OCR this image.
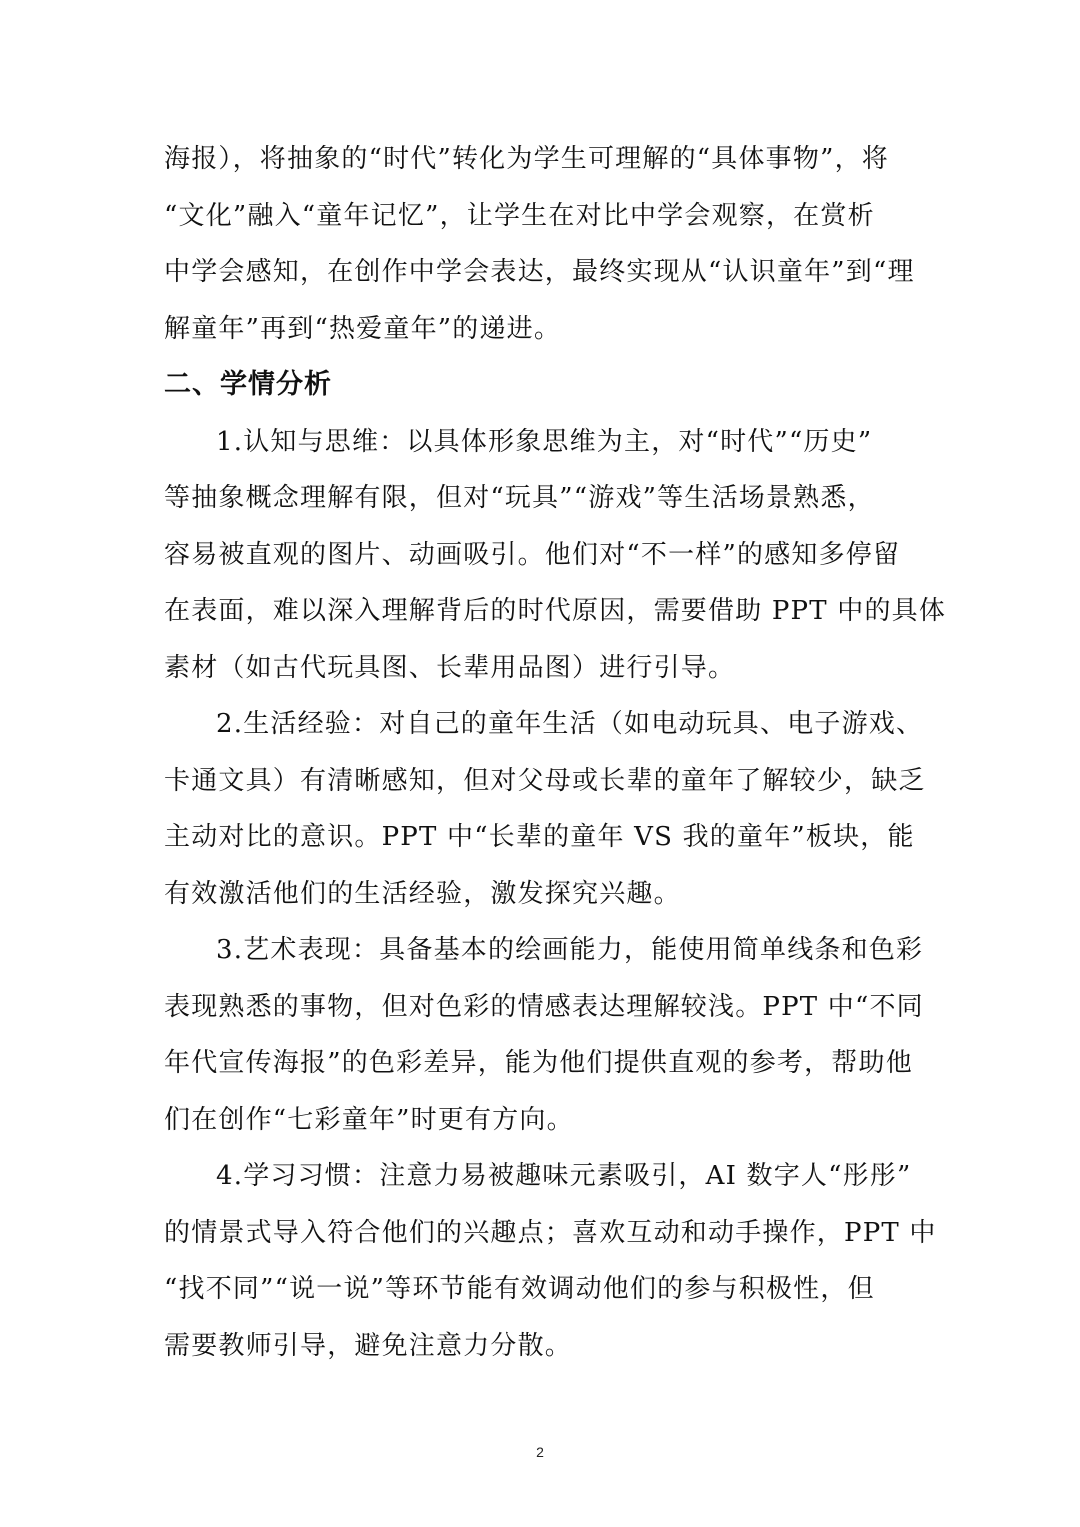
海报），将抽象的“时代”转化为学生可理解的“具体事物”，将
“文化”融入“童年记忆”，让学生在对比中学会观察，在赏析
中学会感知，在创作中学会表达，最终实现从“认识童年”到“理
解童年”再到“热爱童年”的递进。
二、学情分析
1.认知与思维：以具体形象思维为主，对“时代”“历史”
等抽象概念理解有限，但对“玩具”“游戏”等生活场景熟悉，
容易被直观的图片、动画吸引。他们对“不一样”的感知多停留
在表面，难以深入理解背后的时代原因，需要借助 PPT 中的具体
素材（如古代玩具图、长辈用品图）进行引导。
2.生活经验：对自己的童年生活（如电动玩具、电子游戏、
卡通文具）有清晰感知，但对父母或长辈的童年了解较少，缺乏
主动对比的意识。PPT 中“长辈的童年 VS 我的童年”板块，能
有效激活他们的生活经验，激发探究兴趣。
3.艺术表现：具备基本的绘画能力，能使用简单线条和色彩
表现熟悉的事物，但对色彩的情感表达理解较浅。PPT 中“不同
年代宣传海报”的色彩差异，能为他们提供直观的参考，帮助他
们在创作“七彩童年”时更有方向。
4.学习习惯：注意力易被趣味元素吸引，AI 数字人“彤彤”
的情景式导入符合他们的兴趣点；喜欢互动和动手操作，PPT 中
“找不同”“说一说”等环节能有效调动他们的参与积极性，但
需要教师引导，避免注意力分散。
2
